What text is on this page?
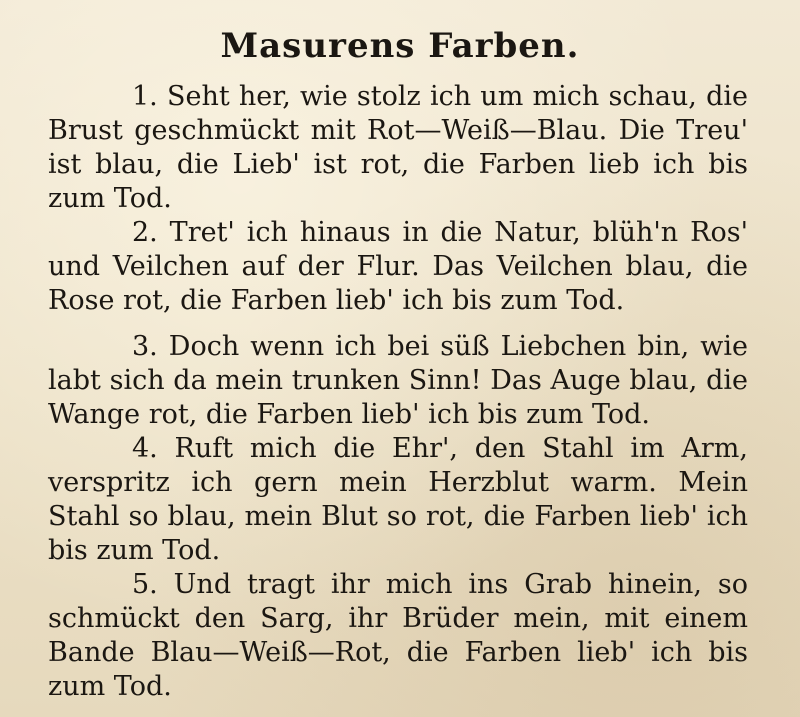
Masurens Farben.

1. Seht her, wie stolz ich um mich schau, die Brust geschmückt mit Rot—Weiß—Blau. Die Treu' ist blau, die Lieb' ist rot, die Farben lieb ich bis zum Tod.

2. Tret' ich hinaus in die Natur, blüh'n Ros' und Veilchen auf der Flur. Das Veilchen blau, die Rose rot, die Farben lieb' ich bis zum Tod.

3. Doch wenn ich bei süß Liebchen bin, wie labt sich da mein trunken Sinn! Das Auge blau, die Wange rot, die Farben lieb' ich bis zum Tod.

4. Ruft mich die Ehr', den Stahl im Arm, verspritz ich gern mein Herzblut warm. Mein Stahl so blau, mein Blut so rot, die Farben lieb' ich bis zum Tod.

5. Und tragt ihr mich ins Grab hinein, so schmückt den Sarg, ihr Brüder mein, mit einem Bande Blau—Weiß—Rot, die Farben lieb' ich bis zum Tod.
